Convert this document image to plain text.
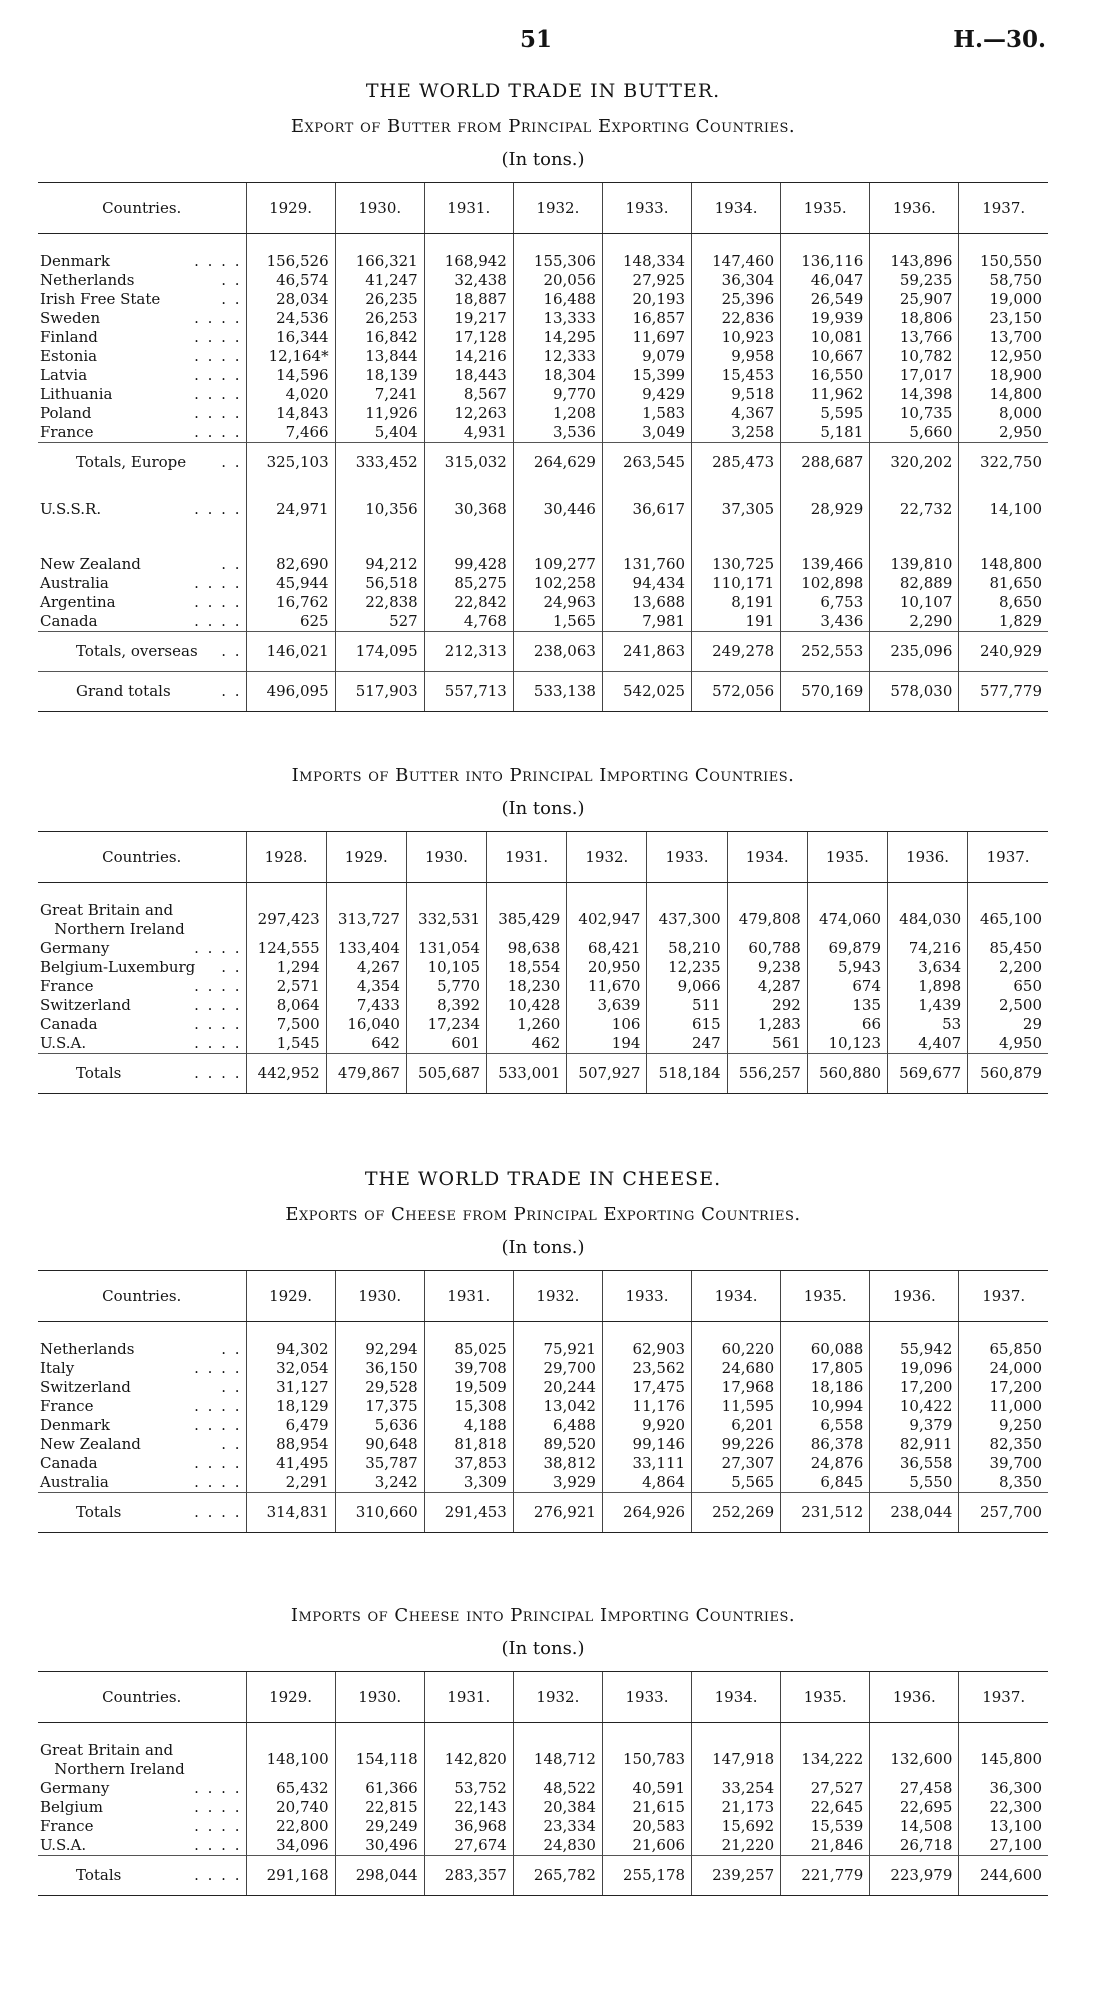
51	H.—30.
THE WORLD TRADE IN BUTTER.
Export of Butter from Principal Exporting Countries.
(In tons.)
Countries.	1929.	1930.	1931.	1932.	1933.	1934.	1935.	1936.	1937.

Denmark . . . .	156,526	166,321	168,942	155,306	148,334	147,460	136,116	143,896	150,550
Netherlands . .	46,574	41,247	32,438	20,056	27,925	36,304	46,047	59,235	58,750
Irish Free State . .	28,034	26,235	18,887	16,488	20,193	25,396	26,549	25,907	19,000
Sweden . . . .	24,536	26,253	19,217	13,333	16,857	22,836	19,939	18,806	23,150
Finland . . . .	16,344	16,842	17,128	14,295	11,697	10,923	10,081	13,766	13,700
Estonia . . . .	12,164*	13,844	14,216	12,333	9,079	9,958	10,667	10,782	12,950
Latvia . . . .	14,596	18,139	18,443	18,304	15,399	15,453	16,550	17,017	18,900
Lithuania . . . .	4,020	7,241	8,567	9,770	9,429	9,518	11,962	14,398	14,800
Poland . . . .	14,843	11,926	12,263	1,208	1,583	4,367	5,595	10,735	8,000
France . . . .	7,466	5,404	4,931	3,536	3,049	3,258	5,181	5,660	2,950
Totals, Europe . .	325,103	333,452	315,032	264,629	263,545	285,473	288,687	320,202	322,750

U.S.S.R. . . . .	24,971	10,356	30,368	30,446	36,617	37,305	28,929	22,732	14,100

New Zealand . .	82,690	94,212	99,428	109,277	131,760	130,725	139,466	139,810	148,800
Australia . . . .	45,944	56,518	85,275	102,258	94,434	110,171	102,898	82,889	81,650
Argentina . . . .	16,762	22,838	22,842	24,963	13,688	8,191	6,753	10,107	8,650
Canada . . . .	625	527	4,768	1,565	7,981	191	3,436	2,290	1,829
Totals, overseas . .	146,021	174,095	212,313	238,063	241,863	249,278	252,553	235,096	240,929
Grand totals . .	496,095	517,903	557,713	533,138	542,025	572,056	570,169	578,030	577,779
Imports of Butter into Principal Importing Countries.
(In tons.)
Countries.	1928.	1929.	1930.	1931.	1932.	1933.	1934.	1935.	1936.	1937.

Great Britain and
Northern Ireland	297,423	313,727	332,531	385,429	402,947	437,300	479,808	474,060	484,030	465,100
Germany . . . .	124,555	133,404	131,054	98,638	68,421	58,210	60,788	69,879	74,216	85,450
Belgium-Luxemburg . .	1,294	4,267	10,105	18,554	20,950	12,235	9,238	5,943	3,634	2,200
France . . . .	2,571	4,354	5,770	18,230	11,670	9,066	4,287	674	1,898	650
Switzerland . . . .	8,064	7,433	8,392	10,428	3,639	511	292	135	1,439	2,500
Canada . . . .	7,500	16,040	17,234	1,260	106	615	1,283	66	53	29
U.S.A. . . . .	1,545	642	601	462	194	247	561	10,123	4,407	4,950
Totals . . . .	442,952	479,867	505,687	533,001	507,927	518,184	556,257	560,880	569,677	560,879
THE WORLD TRADE IN CHEESE.
Exports of Cheese from Principal Exporting Countries.
(In tons.)
Countries.	1929.	1930.	1931.	1932.	1933.	1934.	1935.	1936.	1937.

Netherlands . .	94,302	92,294	85,025	75,921	62,903	60,220	60,088	55,942	65,850
Italy . . . .	32,054	36,150	39,708	29,700	23,562	24,680	17,805	19,096	24,000
Switzerland . .	31,127	29,528	19,509	20,244	17,475	17,968	18,186	17,200	17,200
France . . . .	18,129	17,375	15,308	13,042	11,176	11,595	10,994	10,422	11,000
Denmark . . . .	6,479	5,636	4,188	6,488	9,920	6,201	6,558	9,379	9,250
New Zealand . .	88,954	90,648	81,818	89,520	99,146	99,226	86,378	82,911	82,350
Canada . . . .	41,495	35,787	37,853	38,812	33,111	27,307	24,876	36,558	39,700
Australia . . . .	2,291	3,242	3,309	3,929	4,864	5,565	6,845	5,550	8,350
Totals . . . .	314,831	310,660	291,453	276,921	264,926	252,269	231,512	238,044	257,700
Imports of Cheese into Principal Importing Countries.
(In tons.)
Countries.	1929.	1930.	1931.	1932.	1933.	1934.	1935.	1936.	1937.

Great Britain and
Northern Ireland	148,100	154,118	142,820	148,712	150,783	147,918	134,222	132,600	145,800
Germany . . . .	65,432	61,366	53,752	48,522	40,591	33,254	27,527	27,458	36,300
Belgium . . . .	20,740	22,815	22,143	20,384	21,615	21,173	22,645	22,695	22,300
France . . . .	22,800	29,249	36,968	23,334	20,583	15,692	15,539	14,508	13,100
U.S.A. . . . .	34,096	30,496	27,674	24,830	21,606	21,220	21,846	26,718	27,100
Totals . . . .	291,168	298,044	283,357	265,782	255,178	239,257	221,779	223,979	244,600
